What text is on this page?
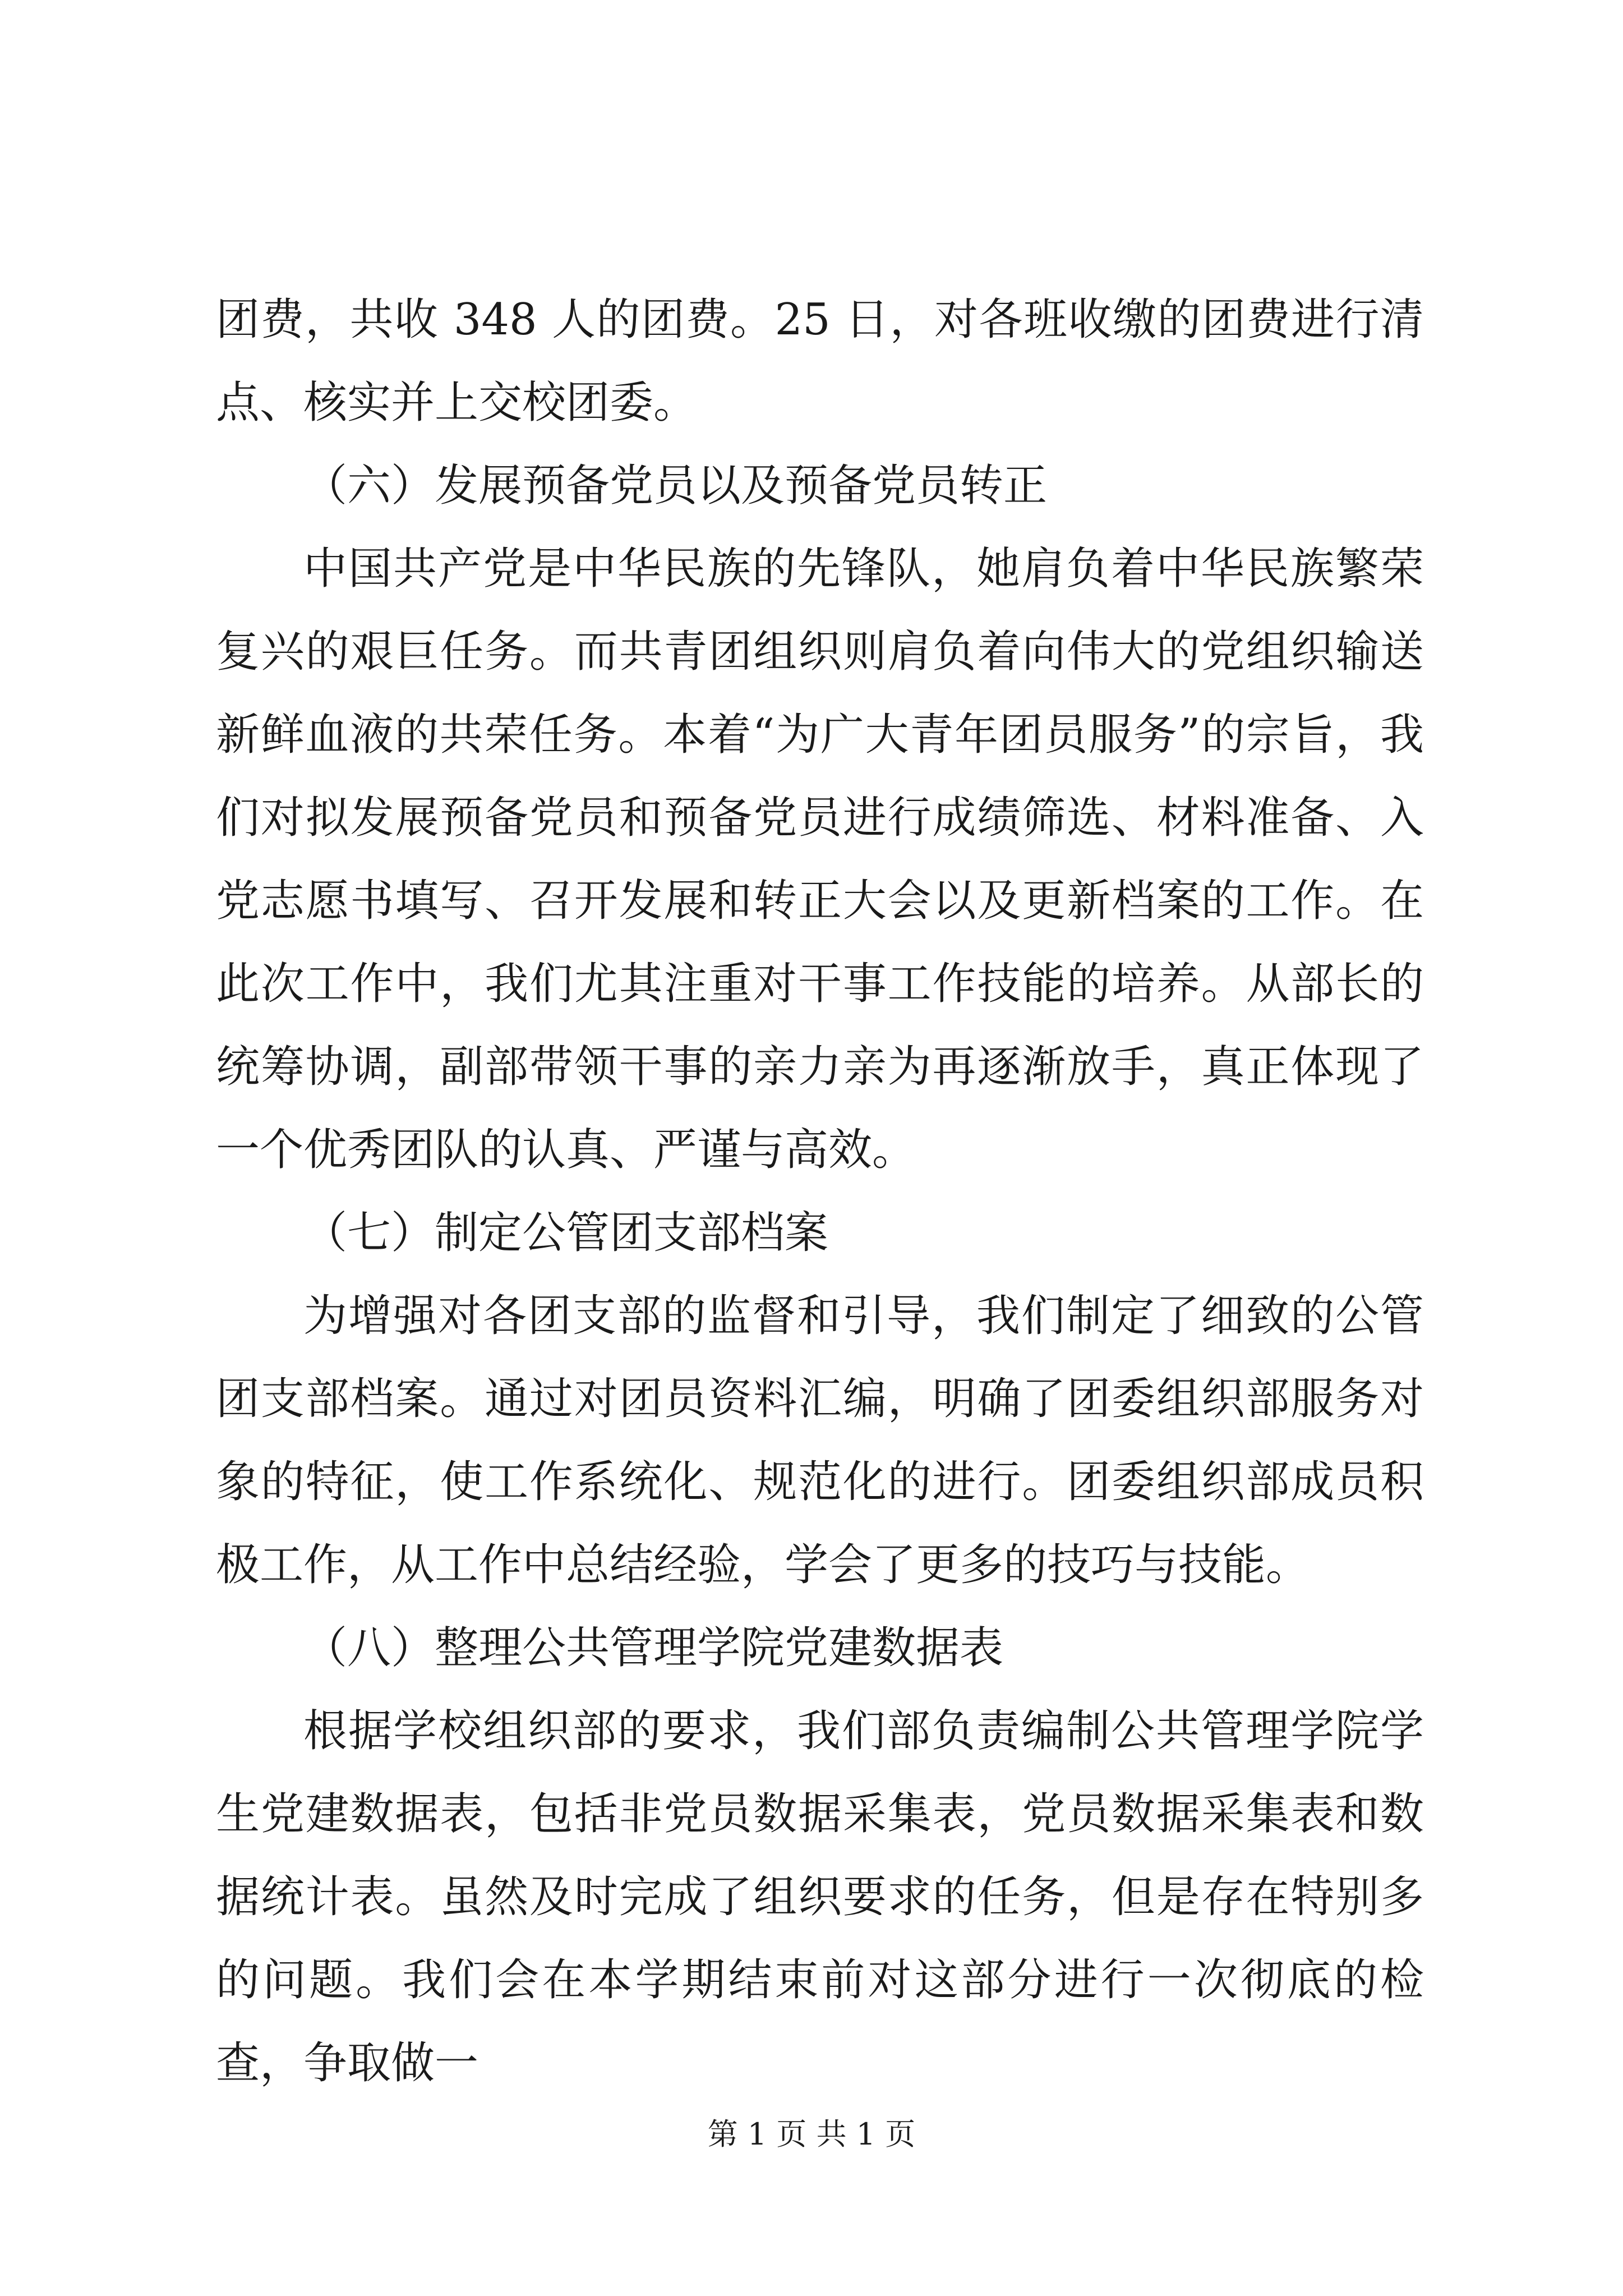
团费，共收 348 人的团费。25 日，对各班收缴的团费进行清点、核实并上交校团委。

（六）发展预备党员以及预备党员转正

中国共产党是中华民族的先锋队，她肩负着中华民族繁荣复兴的艰巨任务。而共青团组织则肩负着向伟大的党组织输送新鲜血液的共荣任务。本着“为广大青年团员服务”的宗旨，我们对拟发展预备党员和预备党员进行成绩筛选、材料准备、入党志愿书填写、召开发展和转正大会以及更新档案的工作。在此次工作中，我们尤其注重对干事工作技能的培养。从部长的统筹协调，副部带领干事的亲力亲为再逐渐放手，真正体现了一个优秀团队的认真、严谨与高效。

（七）制定公管团支部档案

为增强对各团支部的监督和引导，我们制定了细致的公管团支部档案。通过对团员资料汇编，明确了团委组织部服务对象的特征，使工作系统化、规范化的进行。团委组织部成员积极工作，从工作中总结经验，学会了更多的技巧与技能。

（八）整理公共管理学院党建数据表

根据学校组织部的要求，我们部负责编制公共管理学院学生党建数据表，包括非党员数据采集表，党员数据采集表和数据统计表。虽然及时完成了组织要求的任务，但是存在特别多的问题。我们会在本学期结束前对这部分进行一次彻底的检查，争取做一

第 1 页 共 1 页
